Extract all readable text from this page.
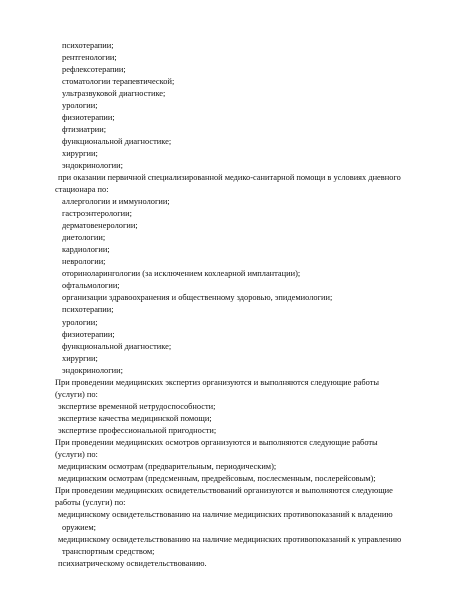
психотерапии;
рентгенологии;
рефлексотерапии;
стоматологии терапевтической;
ультразвуковой диагностике;
урологии;
физиотерапии;
фтизиатрии;
функциональной диагностике;
хирургии;
эндокринологии;
при оказании первичной специализированной медико-санитарной помощи в условиях дневного
стационара по:
аллергологии и иммунологии;
гастроэнтерологии;
дерматовенерологии;
диетологии;
кардиологии;
неврологии;
оториноларингологии (за исключением кохлеарной имплантации);
офтальмологии;
организации здравоохранения и общественному здоровью, эпидемиологии;
психотерапии;
урологии;
физиотерапии;
функциональной диагностике;
хирургии;
эндокринологии;
При проведении медицинских экспертиз организуются и выполняются следующие работы
(услуги) по:
экспертизе временной нетрудоспособности;
экспертизе качества медицинской помощи;
экспертизе профессиональной пригодности;
При проведении медицинских осмотров организуются и выполняются следующие работы
(услуги) по:
медицинским осмотрам (предварительным, периодическим);
медицинским осмотрам (предсменным, предрейсовым, послесменным, послерейсовым);
При проведении медицинских освидетельствований организуются и выполняются следующие
работы (услуги) по:
медицинскому освидетельствованию на наличие медицинских противопоказаний к владению
оружием;
медицинскому освидетельствованию на наличие медицинских противопоказаний к управлению
транспортным средством;
психиатрическому освидетельствованию.
